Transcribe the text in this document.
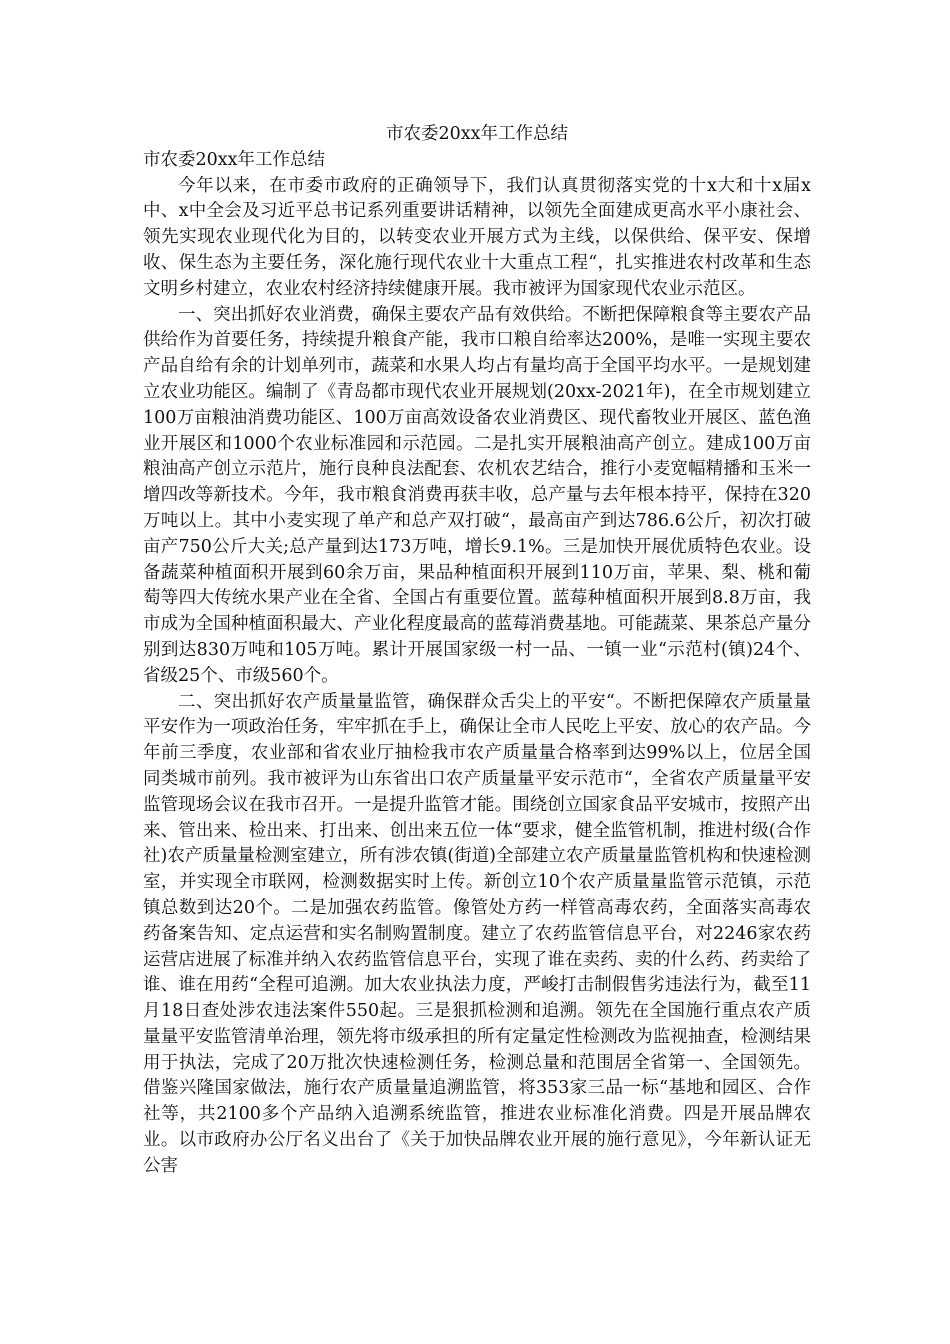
市农委20xx年工作总结

市农委20xx年工作总结

今年以来，在市委市政府的正确领导下，我们认真贯彻落实党的十x大和十x届x中、x中全会及习近平总书记系列重要讲话精神，以领先全面建成更高水平小康社会、领先实现农业现代化为目的，以转变农业开展方式为主线，以保供给、保平安、保增收、保生态为主要任务，深化施行现代农业十大重点工程“，扎实推进农村改革和生态文明乡村建立，农业农村经济持续健康开展。我市被评为国家现代农业示范区。

一、突出抓好农业消费，确保主要农产品有效供给。不断把保障粮食等主要农产品供给作为首要任务，持续提升粮食产能，我市口粮自给率达200%，是唯一实现主要农产品自给有余的计划单列市，蔬菜和水果人均占有量均高于全国平均水平。一是规划建立农业功能区。编制了《青岛都市现代农业开展规划(20xx-2021年)，在全市规划建立100万亩粮油消费功能区、100万亩高效设备农业消费区、现代畜牧业开展区、蓝色渔业开展区和1000个农业标准园和示范园。二是扎实开展粮油高产创立。建成100万亩粮油高产创立示范片，施行良种良法配套、农机农艺结合，推行小麦宽幅精播和玉米一增四改等新技术。今年，我市粮食消费再获丰收，总产量与去年根本持平，保持在320万吨以上。其中小麦实现了单产和总产双打破“，最高亩产到达786.6公斤，初次打破亩产750公斤大关;总产量到达173万吨，增长9.1%。三是加快开展优质特色农业。设备蔬菜种植面积开展到60余万亩，果品种植面积开展到110万亩，苹果、梨、桃和葡萄等四大传统水果产业在全省、全国占有重要位置。蓝莓种植面积开展到8.8万亩，我市成为全国种植面积最大、产业化程度最高的蓝莓消费基地。可能蔬菜、果茶总产量分别到达830万吨和105万吨。累计开展国家级一村一品、一镇一业“示范村(镇)24个、省级25个、市级560个。

二、突出抓好农产质量量监管，确保群众舌尖上的平安“。不断把保障农产质量量平安作为一项政治任务，牢牢抓在手上，确保让全市人民吃上平安、放心的农产品。今年前三季度，农业部和省农业厅抽检我市农产质量量合格率到达99%以上，位居全国同类城市前列。我市被评为山东省出口农产质量量平安示范市“，全省农产质量量平安监管现场会议在我市召开。一是提升监管才能。围绕创立国家食品平安城市，按照产出来、管出来、检出来、打出来、创出来五位一体“要求，健全监管机制，推进村级(合作社)农产质量量检测室建立，所有涉农镇(街道)全部建立农产质量量监管机构和快速检测室，并实现全市联网，检测数据实时上传。新创立10个农产质量量监管示范镇，示范镇总数到达20个。二是加强农药监管。像管处方药一样管高毒农药，全面落实高毒农药备案告知、定点运营和实名制购置制度。建立了农药监管信息平台，对2246家农药运营店进展了标准并纳入农药监管信息平台，实现了谁在卖药、卖的什么药、药卖给了谁、谁在用药“全程可追溯。加大农业执法力度，严峻打击制假售劣违法行为，截至11月18日查处涉农违法案件550起。三是狠抓检测和追溯。领先在全国施行重点农产质量量平安监管清单治理，领先将市级承担的所有定量定性检测改为监视抽查，检测结果用于执法，完成了20万批次快速检测任务，检测总量和范围居全省第一、全国领先。借鉴兴隆国家做法，施行农产质量量追溯监管，将353家三品一标“基地和园区、合作社等，共2100多个产品纳入追溯系统监管，推进农业标准化消费。四是开展品牌农业。以市政府办公厅名义出台了《关于加快品牌农业开展的施行意见》，今年新认证无公害
